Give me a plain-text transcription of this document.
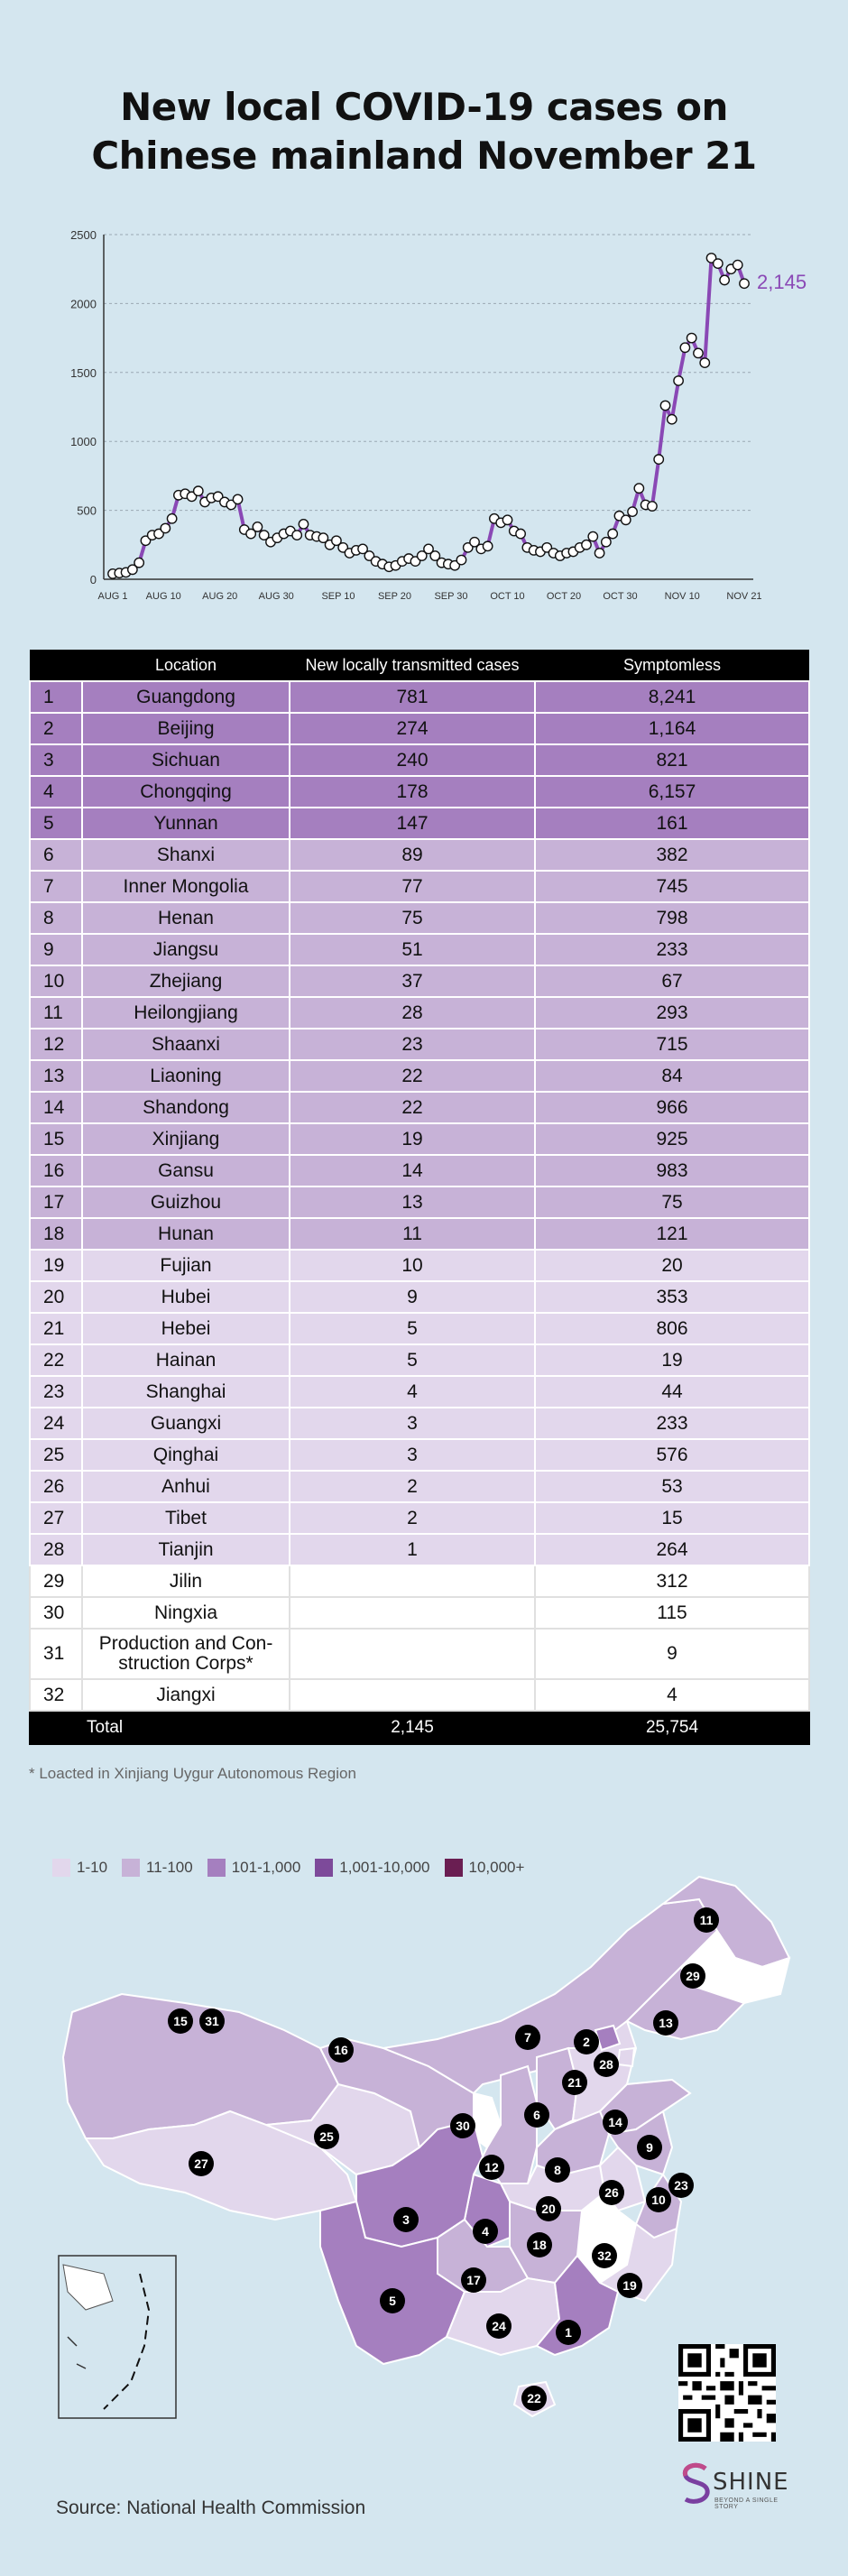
New local COVID-19 cases on
Chinese mainland November 21
0
500
1000
1500
2000
2500
AUG 1 AUG 10 AUG 20 AUG 30	SEP 10 SEP 20 SEP 30 OCT 10 OCT 20 OCT 30	NOV 10	NOV 21
2,145
	Location	New locally transmitted cases	Symptomless
1	Guangdong	781	8,241
2	Beijing	274	1,164
3	Sichuan	240	821
4	Chongqing	178	6,157
5	Yunnan	147	161
6	Shanxi	89	382
7	Inner Mongolia	77	745
8	Henan	75	798
9	Jiangsu	51	233
10	Zhejiang	37	67
11	Heilongjiang	28	293
12	Shaanxi	23	715
13	Liaoning	22	84
14	Shandong	22	966
15	Xinjiang	19	925
16	Gansu	14	983
17	Guizhou	13	75
18	Hunan	11	121
19	Fujian	10	20
20	Hubei	9	353
21	Hebei	5	806
22	Hainan	5	19
23	Shanghai	4	44
24	Guangxi	3	233
25	Qinghai	3	576
26	Anhui	2	53
27	Tibet	2	15
28	Tianjin	1	264
29	Jilin		312
30	Ningxia		115
31	Production and Con-struction Corps*		9
32	Jiangxi		4
	Total	2,145	25,754
* Loacted in Xinjiang Uygur Autonomous Region
1-10	11-100	101-1,000	1,001-10,000	10,000+
1
2
3
4
5
6
7
8
9
10
11
12
13
14
15
16
17
18
19
20
21
22
23
24
25
26
27
28
29
30
31
32
Source: National Health Commission
SHINE
BEYOND A SINGLE STORY
